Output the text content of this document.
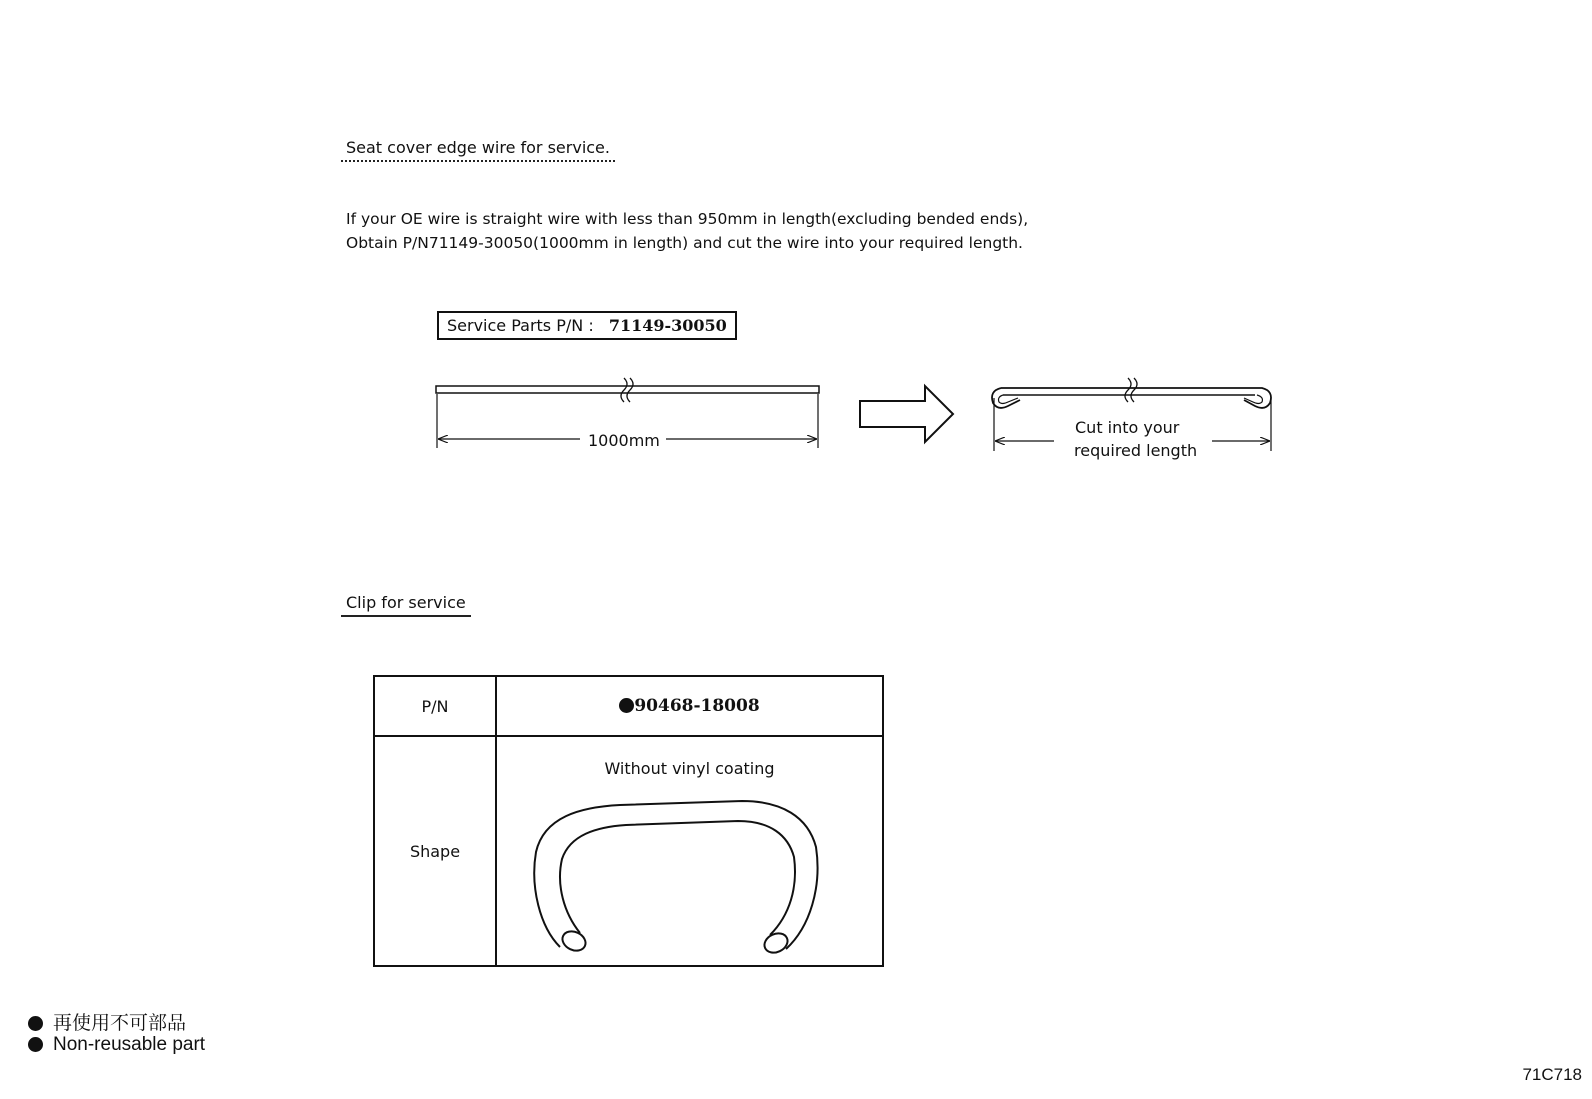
Seat cover edge wire for service.
If your OE wire is straight wire with less than 950mm in length(excluding bended ends),
Obtain P/N71149-30050(1000mm in length) and cut the wire into your required length.
Service Parts P/N : 71149-30050
1000mm
Cut into your
required length
Clip for service
P/N	90468-18008
Shape	Without vinyl coating
再使用不可部品
Non-reusable part
71C718
